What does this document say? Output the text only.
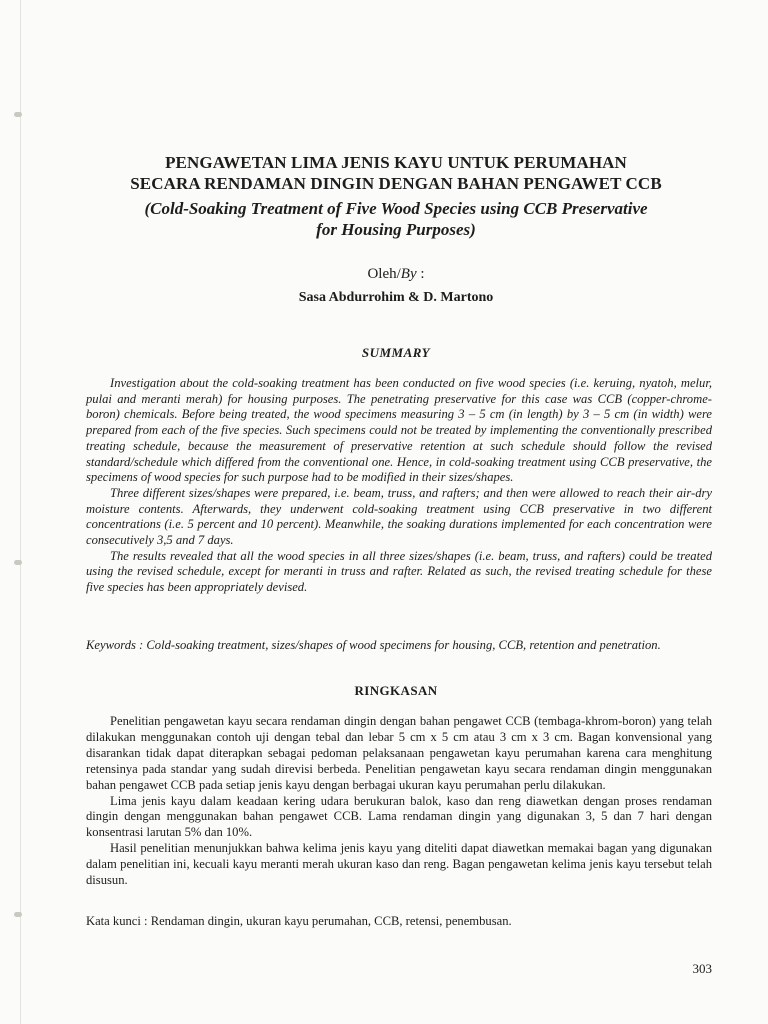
PENGAWETAN LIMA JENIS KAYU UNTUK PERUMAHAN

SECARA RENDAMAN DINGIN DENGAN BAHAN PENGAWET CCB

(Cold-Soaking Treatment of Five Wood Species using CCB Preservative

for Housing Purposes)

Oleh/By :
Sasa Abdurrohim & D. Martono
SUMMARY

Investigation about the cold-soaking treatment has been conducted on five wood species (i.e. keruing, nyatoh, melur, pulai and meranti merah) for housing purposes. The penetrating preservative for this case was CCB (copper-chrome-boron) chemicals. Before being treated, the wood specimens measuring 3 – 5 cm (in length) by 3 – 5 cm (in width) were prepared from each of the five species. Such specimens could not be treated by implementing the conventionally prescribed treating schedule, because the measurement of preservative retention at such schedule should follow the revised standard/schedule which differed from the conventional one. Hence, in cold-soaking treatment using CCB preservative, the specimens of wood species for such purpose had to be modified in their sizes/shapes.

Three different sizes/shapes were prepared, i.e. beam, truss, and rafters; and then were allowed to reach their air-dry moisture contents. Afterwards, they underwent cold-soaking treatment using CCB preservative in two different concentrations (i.e. 5 percent and 10 percent). Meanwhile, the soaking durations implemented for each concentration were consecutively 3,5 and 7 days.

The results revealed that all the wood species in all three sizes/shapes (i.e. beam, truss, and rafters) could be treated using the revised schedule, except for meranti in truss and rafter. Related as such, the revised treating schedule for these five species has been appropriately devised.

Keywords : Cold-soaking treatment, sizes/shapes of wood specimens for housing, CCB, retention and penetration.
RINGKASAN

Penelitian pengawetan kayu secara rendaman dingin dengan bahan pengawet CCB (tembaga-khrom-boron) yang telah dilakukan menggunakan contoh uji dengan tebal dan lebar 5 cm x 5 cm atau 3 cm x 3 cm. Bagan konvensional yang disarankan tidak dapat diterapkan sebagai pedoman pelaksanaan pengawetan kayu perumahan karena cara menghitung retensinya pada standar yang sudah direvisi berbeda. Penelitian pengawetan kayu secara rendaman dingin menggunakan bahan pengawet CCB pada setiap jenis kayu dengan berbagai ukuran kayu perumahan perlu dilakukan.

Lima jenis kayu dalam keadaan kering udara berukuran balok, kaso dan reng diawetkan dengan proses rendaman dingin dengan menggunakan bahan pengawet CCB. Lama rendaman dingin yang digunakan 3, 5 dan 7 hari dengan konsentrasi larutan 5% dan 10%.

Hasil penelitian menunjukkan bahwa kelima jenis kayu yang diteliti dapat diawetkan memakai bagan yang digunakan dalam penelitian ini, kecuali kayu meranti merah ukuran kaso dan reng. Bagan pengawetan kelima jenis kayu tersebut telah disusun.

Kata kunci : Rendaman dingin, ukuran kayu perumahan, CCB, retensi, penembusan.
303
